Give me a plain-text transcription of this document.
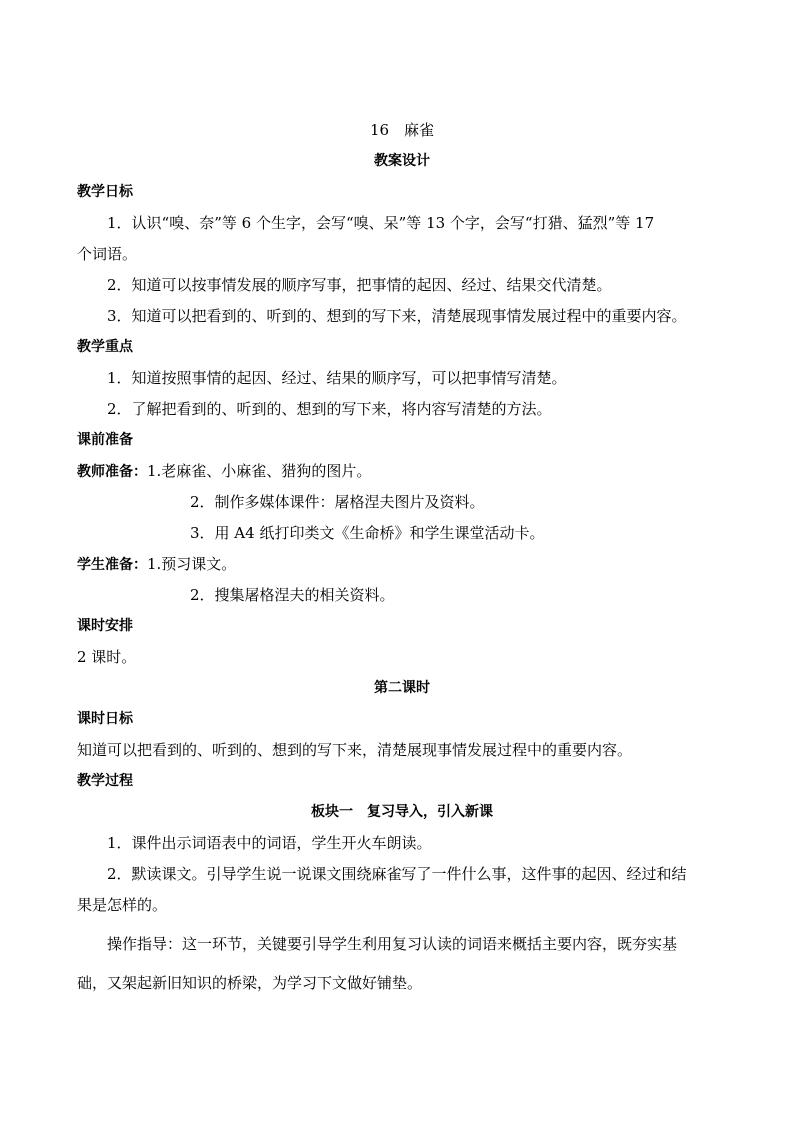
16　麻雀
教案设计
教学日标
1．认识“嗅、奈”等 6 个生字，会写“嗅、呆”等 13 个字，会写“打猎、猛烈”等 17
个词语。
2．知道可以按事情发展的顺序写事，把事情的起因、经过、结果交代清楚。
3．知道可以把看到的、听到的、想到的写下来，清楚展现事情发展过程中的重要内容。
教学重点
1．知道按照事情的起因、经过、结果的顺序写，可以把事情写清楚。
2．了解把看到的、听到的、想到的写下来，将内容写清楚的方法。
课前准备
教师准备：1.老麻雀、小麻雀、猎狗的图片。
2．制作多媒体课件：屠格涅夫图片及资料。
3．用 A4 纸打印类文《生命桥》和学生课堂活动卡。
学生准备：1.预习课文。
2．搜集屠格涅夫的相关资料。
课时安排
2 课时。
第二课时
课时日标
知道可以把看到的、听到的、想到的写下来，清楚展现事情发展过程中的重要内容。
教学过程
板块一　复习导入，引入新课
1．课件出示词语表中的词语，学生开火车朗读。
2．默读课文。引导学生说一说课文围绕麻雀写了一件什么事，这件事的起因、经过和结
果是怎样的。
操作指导：这一环节，关键要引导学生利用复习认读的词语来概括主要内容，既夯实基
础，又架起新旧知识的桥梁，为学习下文做好铺垫。
